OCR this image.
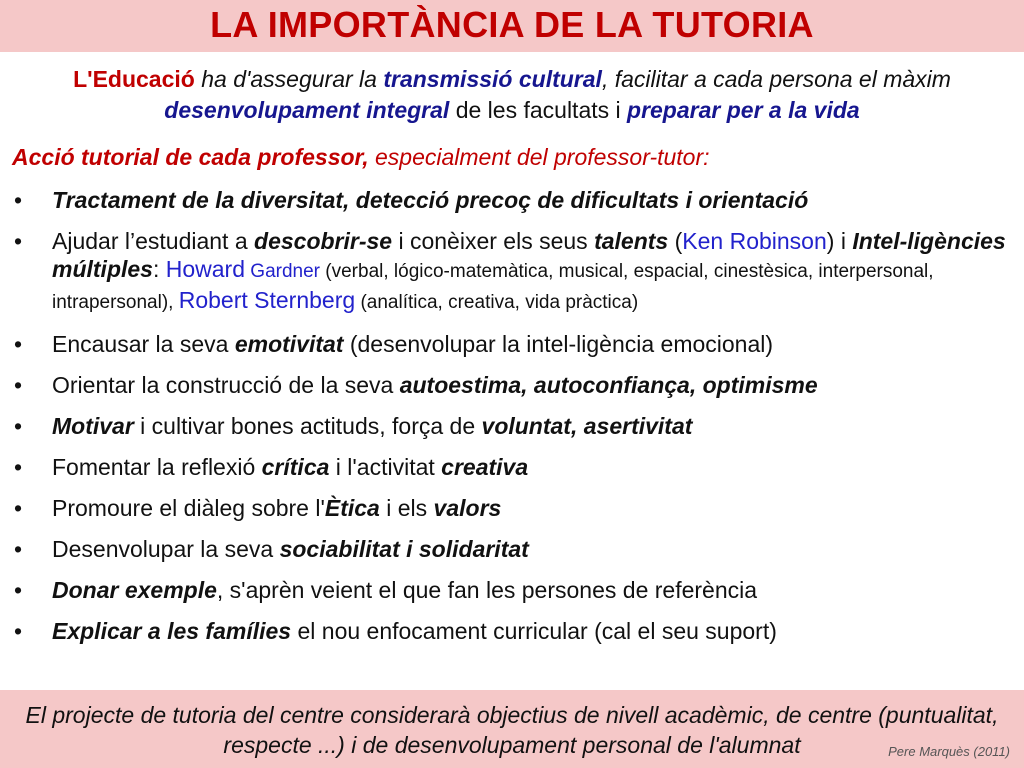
LA IMPORTÀNCIA DE LA TUTORIA
L'Educació ha d'assegurar la transmissió cultural, facilitar a cada persona el màxim desenvolupament integral de les facultats i preparar per a la vida
Acció tutorial de cada professor, especialment del professor-tutor:
• Tractament de la diversitat, detecció precoç de dificultats i orientació
• Ajudar l’estudiant a descobrir-se i conèixer els seus talents (Ken Robinson) i Intel-ligències múltiples: Howard Gardner (verbal, lógico-matemàtica, musical, espacial, cinestèsica, interpersonal, intrapersonal), Robert Sternberg (analítica, creativa, vida pràctica)
• Encausar la seva emotivitat (desenvolupar la intel-ligència emocional)
• Orientar la construcció de la seva autoestima, autoconfiança, optimisme
• Motivar i cultivar bones actituds, força de voluntat, asertivitat
• Fomentar la reflexió crítica i l'activitat creativa
• Promoure el diàleg sobre l'Ètica i els valors
• Desenvolupar la seva sociabilitat i solidaritat
• Donar exemple, s'aprèn veient el que fan les persones de referència
• Explicar a les famílies el nou enfocament curricular (cal el seu suport)
El projecte de tutoria del centre considerarà objectius de nivell acadèmic, de centre (puntualitat, respecte ...) i de desenvolupament personal de l'alumnat	Pere Marquès (2011)
